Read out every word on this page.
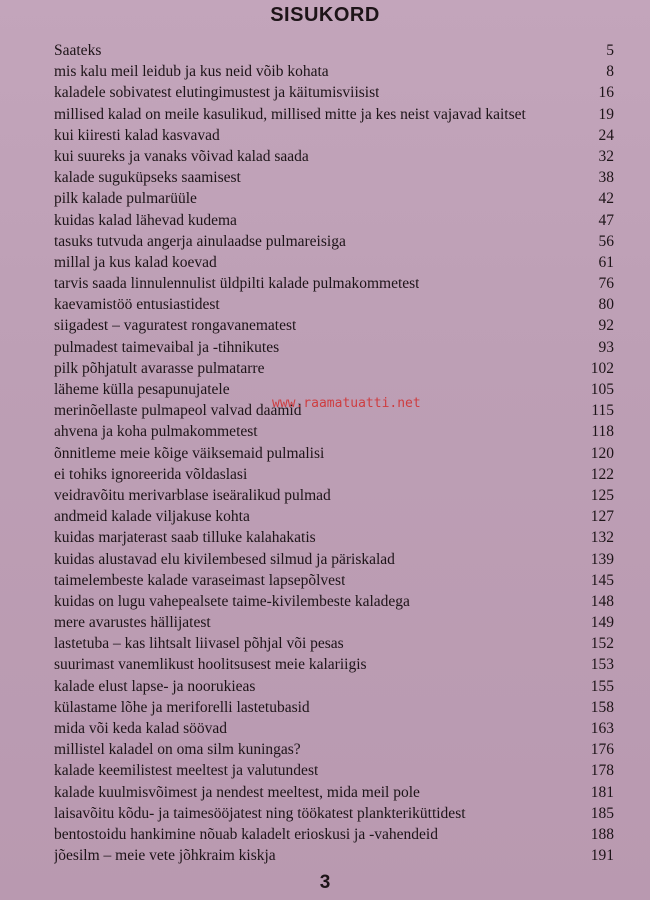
SISUKORD
Saateks	5
mis kalu meil leidub ja kus neid võib kohata	8
kaladele sobivatest elutingimustest ja käitumisviisist	16
millised kalad on meile kasulikud, millised mitte ja kes neist vajavad kaitset	19
kui kiiresti kalad kasvavad	24
kui suureks ja vanaks võivad kalad saada	32
kalade suguküpseks saamisest	38
pilk kalade pulmarüüle	42
kuidas kalad lähevad kudema	47
tasuks tutvuda angerja ainulaadse pulmareisiga	56
millal ja kus kalad koevad	61
tarvis saada linnulennulist üldpilti kalade pulmakommetest	76
kaevamistöö entusiastidest	80
siigadest – vaguratest rongavanematest	92
pulmadest taimevaibal ja -tihnikutes	93
pilk põhjatult avarasse pulmatarre	102
läheme külla pesapunujatele	105
merinõellaste pulmapeol valvad daamid	115
ahvena ja koha pulmakommetest	118
õnnitleme meie kõige väiksemaid pulmalisi	120
ei tohiks ignoreerida võldaslasi	122
veidravõitu merivarblase iseäralikud pulmad	125
andmeid kalade viljakuse kohta	127
kuidas marjaterast saab tilluke kalahakatis	132
kuidas alustavad elu kivilembesed silmud ja päriskalad	139
taimelembeste kalade varaseimast lapsepõlvest	145
kuidas on lugu vahepealsete taime-kivilembeste kaladega	148
mere avarustes hällijatest	149
lastetuba – kas lihtsalt liivasel põhjal või pesas	152
suurimast vanemlikust hoolitsusest meie kalariigis	153
kalade elust lapse- ja noorukieas	155
külastame lõhe ja meriforelli lastetubasid	158
mida või keda kalad söövad	163
millistel kaladel on oma silm kuningas?	176
kalade keemilistest meeltest ja valutundest	178
kalade kuulmisvõimest ja nendest meeltest, mida meil pole	181
laisavõitu kõdu- ja taimesööjatest ning töökatest plankteriküttidest	185
bentostoidu hankimine nõuab kaladelt erioskusi ja -vahendeid	188
jõesilm – meie vete jõhkraim kiskja	191
www.raamatuatti.net
3
